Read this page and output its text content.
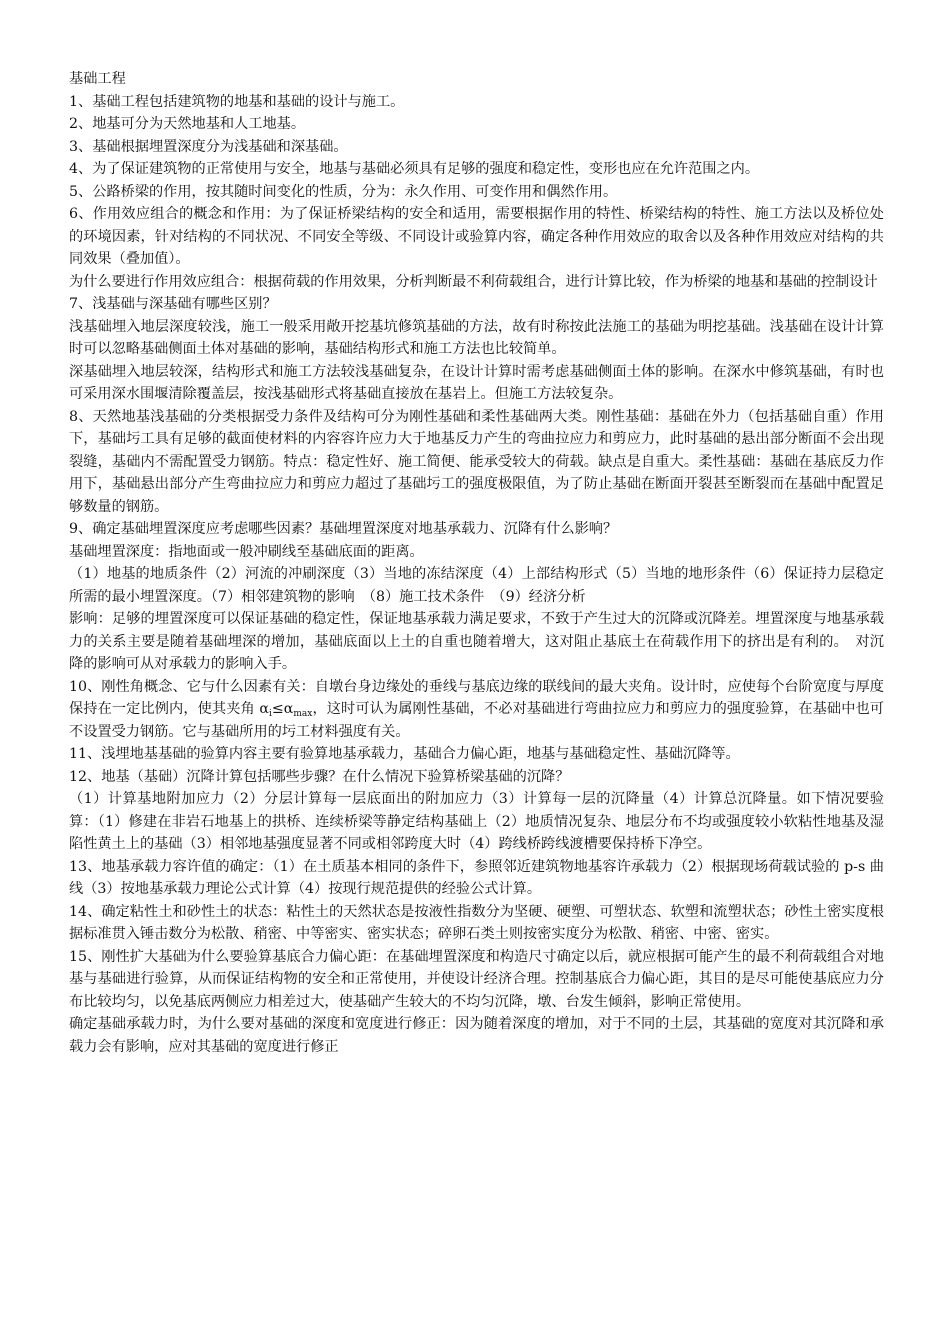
基础工程

1、基础工程包括建筑物的地基和基础的设计与施工。

2、地基可分为天然地基和人工地基。

3、基础根据埋置深度分为浅基础和深基础。

4、为了保证建筑物的正常使用与安全，地基与基础必须具有足够的强度和稳定性，变形也应在允许范围之内。

5、公路桥梁的作用，按其随时间变化的性质，分为：永久作用、可变作用和偶然作用。

6、作用效应组合的概念和作用：为了保证桥梁结构的安全和适用，需要根据作用的特性、桥梁结构的特性、施工方法以及桥位处的环境因素，针对结构的不同状况、不同安全等级、不同设计或验算内容，确定各种作用效应的取舍以及各种作用效应对结构的共同效果（叠加值）。

为什么要进行作用效应组合：根据荷载的作用效果，分析判断最不利荷载组合，进行计算比较，作为桥梁的地基和基础的控制设计

7、浅基础与深基础有哪些区别？

浅基础埋入地层深度较浅，施工一般采用敞开挖基坑修筑基础的方法，故有时称按此法施工的基础为明挖基础。浅基础在设计计算时可以忽略基础侧面土体对基础的影响，基础结构形式和施工方法也比较简单。

深基础埋入地层较深，结构形式和施工方法较浅基础复杂，在设计计算时需考虑基础侧面土体的影响。在深水中修筑基础，有时也可采用深水围堰清除覆盖层，按浅基础形式将基础直接放在基岩上。但施工方法较复杂。

8、天然地基浅基础的分类根据受力条件及结构可分为刚性基础和柔性基础两大类。刚性基础：基础在外力（包括基础自重）作用下，基础圬工具有足够的截面使材料的内容容许应力大于地基反力产生的弯曲拉应力和剪应力，此时基础的悬出部分断面不会出现裂缝，基础内不需配置受力钢筋。特点：稳定性好、施工简便、能承受较大的荷载。缺点是自重大。柔性基础：基础在基底反力作用下，基础悬出部分产生弯曲拉应力和剪应力超过了基础圬工的强度极限值，为了防止基础在断面开裂甚至断裂而在基础中配置足够数量的钢筋。

9、确定基础埋置深度应考虑哪些因素？基础埋置深度对地基承载力、沉降有什么影响？

基础埋置深度：指地面或一般冲刷线至基础底面的距离。

（1）地基的地质条件（2）河流的冲刷深度（3）当地的冻结深度（4）上部结构形式（5）当地的地形条件（6）保证持力层稳定所需的最小埋置深度。（7）相邻建筑物的影响　（8）施工技术条件　（9）经济分析

影响：足够的埋置深度可以保证基础的稳定性，保证地基承载力满足要求，不致于产生过大的沉降或沉降差。埋置深度与地基承载力的关系主要是随着基础埋深的增加，基础底面以上土的自重也随着增大，这对阻止基底土在荷载作用下的挤出是有利的。　对沉降的影响可从对承载力的影响入手。

10、刚性角概念、它与什么因素有关：自墩台身边缘处的垂线与基底边缘的联线间的最大夹角。设计时，应使每个台阶宽度与厚度保持在一定比例内，使其夹角 $\alpha_i\le\alpha_{max}$，这时可认为属刚性基础，不必对基础进行弯曲拉应力和剪应力的强度验算，在基础中也可不设置受力钢筋。它与基础所用的圬工材料强度有关。

11、浅埋地基基础的验算内容主要有验算地基承载力，基础合力偏心距，地基与基础稳定性、基础沉降等。

12、地基（基础）沉降计算包括哪些步骤？在什么情况下验算桥梁基础的沉降？

（1）计算基地附加应力（2）分层计算每一层底面出的附加应力（3）计算每一层的沉降量（4）计算总沉降量。如下情况要验算：（1）修建在非岩石地基上的拱桥、连续桥梁等静定结构基础上（2）地质情况复杂、地层分布不均或强度较小软粘性地基及湿陷性黄土上的基础（3）相邻地基强度显著不同或相邻跨度大时（4）跨线桥跨线渡槽要保持桥下净空。

13、地基承载力容许值的确定：（1）在土质基本相同的条件下，参照邻近建筑物地基容许承载力（2）根据现场荷载试验的 p-s 曲线（3）按地基承载力理论公式计算（4）按现行规范提供的经验公式计算。

14、确定粘性土和砂性土的状态：粘性土的天然状态是按液性指数分为坚硬、硬塑、可塑状态、软塑和流塑状态；砂性土密实度根据标准贯入锤击数分为松散、稍密、中等密实、密实状态；碎卵石类土则按密实度分为松散、稍密、中密、密实。

15、刚性扩大基础为什么要验算基底合力偏心距：在基础埋置深度和构造尺寸确定以后，就应根据可能产生的最不利荷载组合对地基与基础进行验算，从而保证结构物的安全和正常使用，并使设计经济合理。控制基底合力偏心距，其目的是尽可能使基底应力分布比较均匀，以免基底两侧应力相差过大，使基础产生较大的不均匀沉降，墩、台发生倾斜，影响正常使用。

确定基础承载力时，为什么要对基础的深度和宽度进行修正：因为随着深度的增加，对于不同的土层，其基础的宽度对其沉降和承载力会有影响，应对其基础的宽度进行修正
